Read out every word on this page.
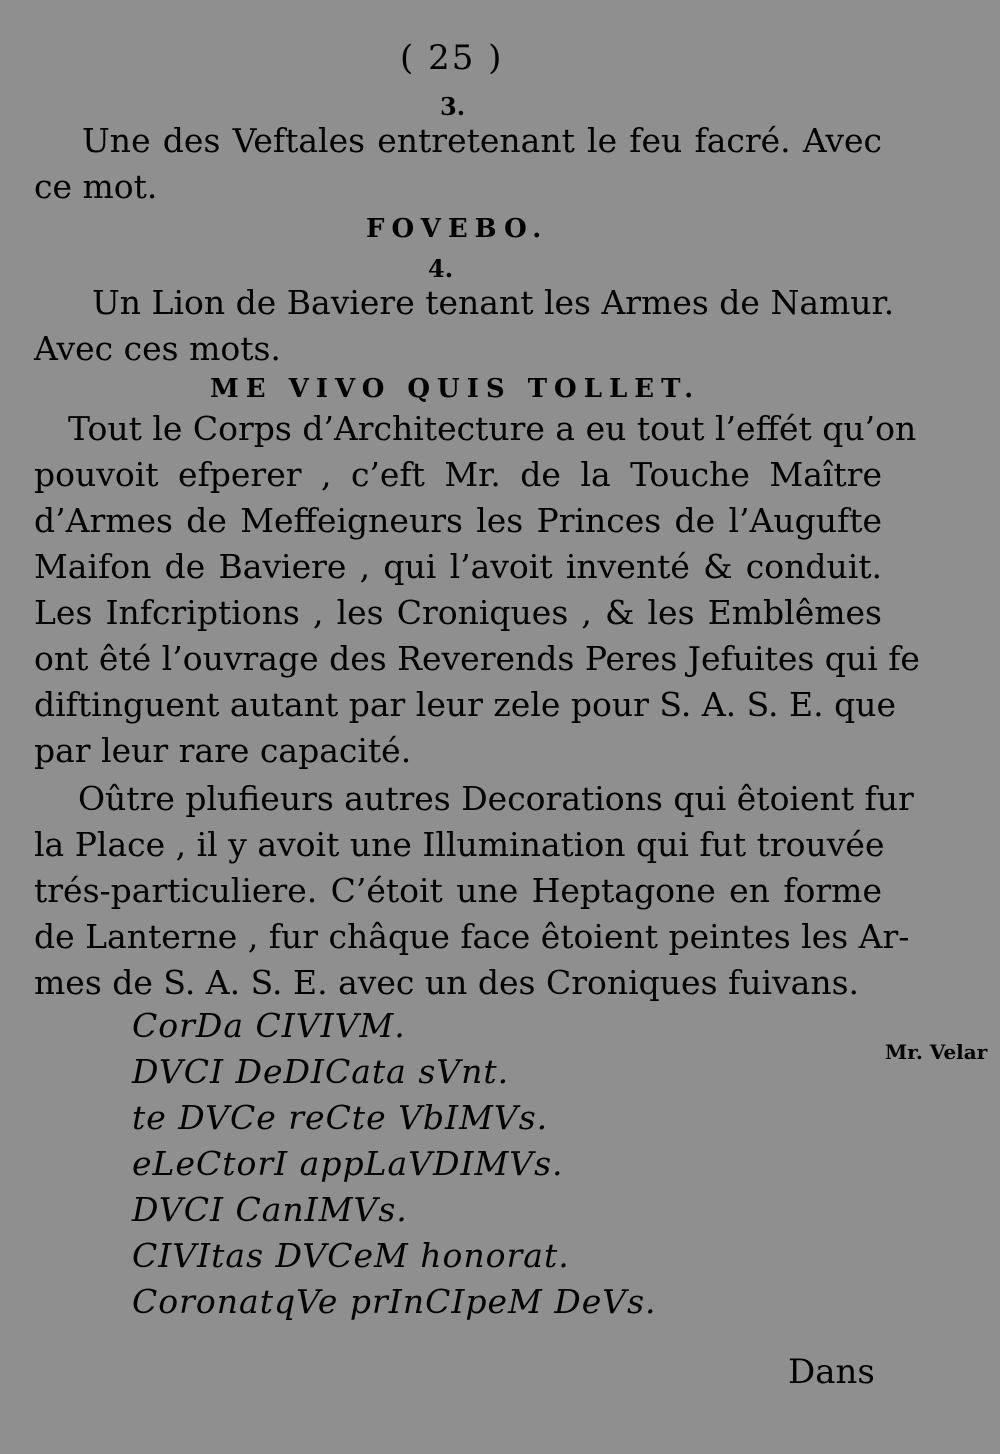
( 25 )
3.
Une des Veftales entretenant le feu facré. Avec
ce mot.
FOVEBO.
4.
Un Lion de Baviere tenant les Armes de Namur.
Avec ces mots.
ME VIVO QUIS TOLLET.
Tout le Corps d’Architecture a eu tout l’effét qu’on
pouvoit efperer , c’eft Mr. de la Touche Maître
d’Armes de Meffeigneurs les Princes de l’Augufte
Maifon de Baviere , qui l’avoit inventé & conduit.
Les Infcriptions , les Croniques , & les Emblêmes
ont êté l’ouvrage des Reverends Peres Jefuites qui fe
diftinguent autant par leur zele pour S. A. S. E. que
par leur rare capacité.
Oûtre plufieurs autres Decorations qui êtoient fur
la Place , il y avoit une Illumination qui fut trouvée
trés-particuliere. C’étoit une Heptagone en forme
de Lanterne , fur châque face êtoient peintes les Ar-
mes de S. A. S. E. avec un des Croniques fuivans.
CorDa CIVIVM.
DVCI DeDICata sVnt.
te DVCe reCte VbIMVs.
eLeCtorI appLaVDIMVs.
DVCI CanIMVs.
CIVItas DVCeM honorat.
CoronatqVe prInCIpeM DeVs.
Mr. Velar
Dans
